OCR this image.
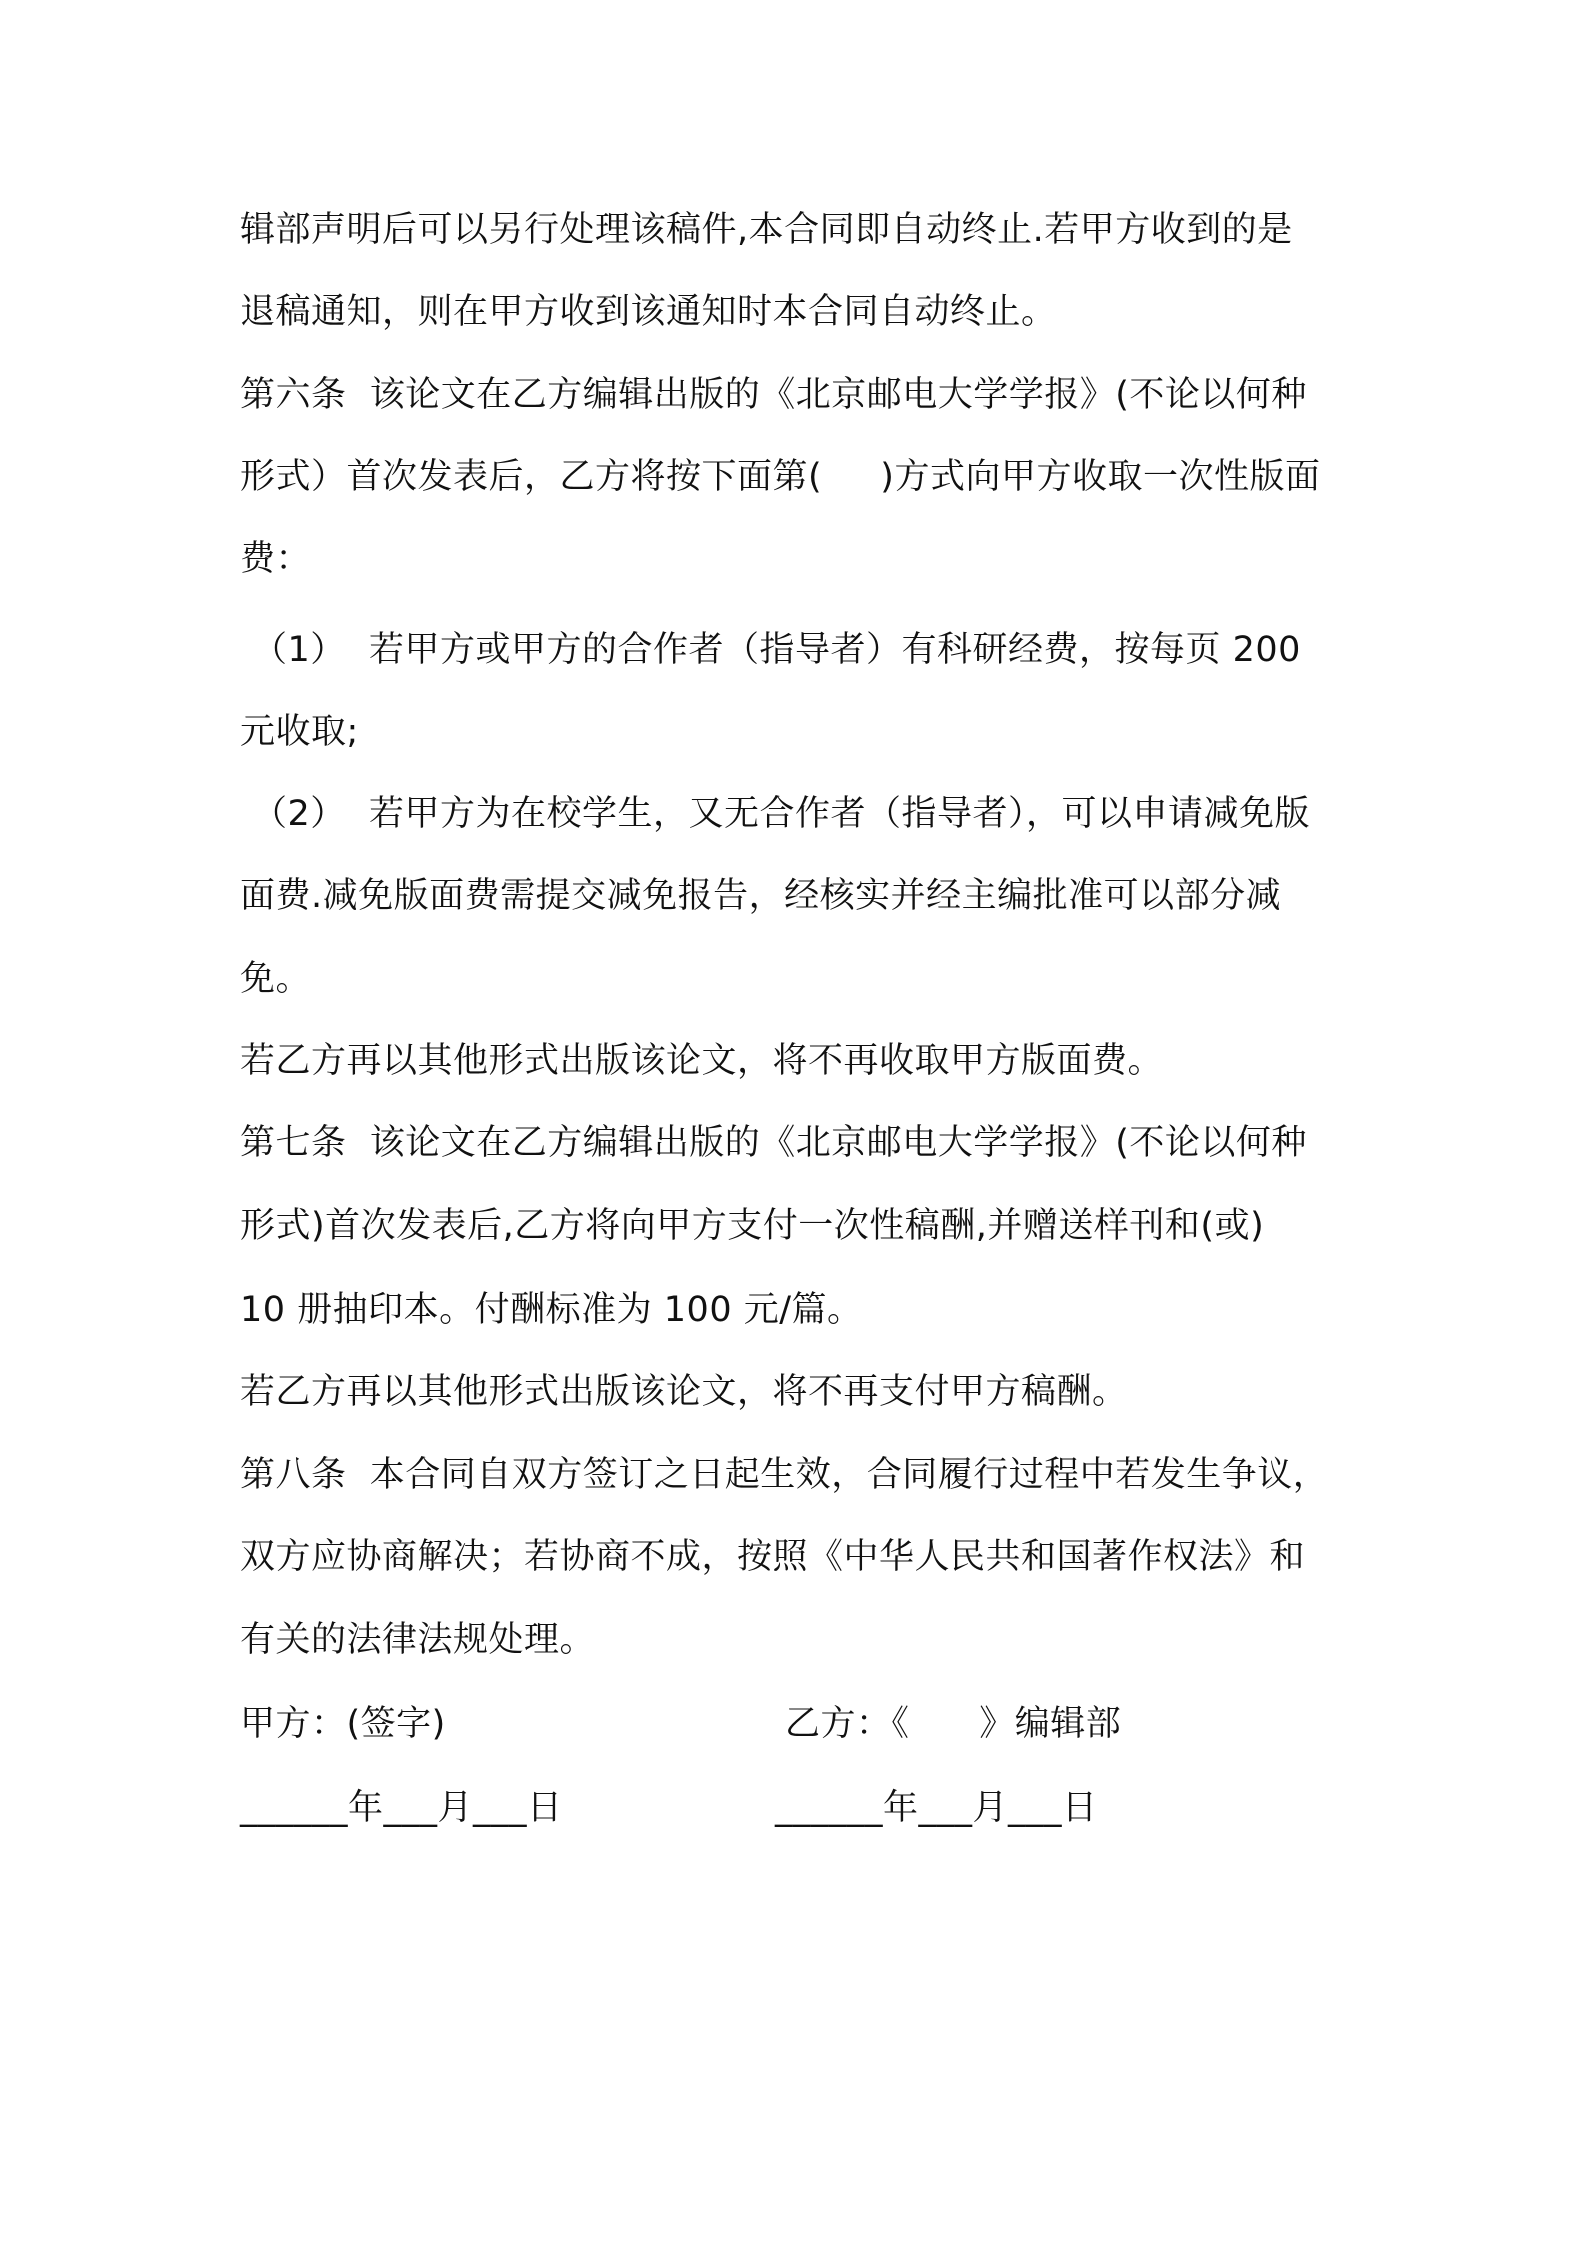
辑部声明后可以另行处理该稿件,本合同即自动终止.若甲方收到的是
退稿通知，则在甲方收到该通知时本合同自动终止。
第六条  该论文在乙方编辑出版的《北京邮电大学学报》(不论以何种
形式）首次发表后，乙方将按下面第(     )方式向甲方收取一次性版面
费：
（1）  若甲方或甲方的合作者（指导者）有科研经费，按每页 200
元收取;
（2）  若甲方为在校学生，又无合作者（指导者），可以申请减免版
面费.减免版面费需提交减免报告，经核实并经主编批准可以部分减
免。
若乙方再以其他形式出版该论文，将不再收取甲方版面费。
第七条  该论文在乙方编辑出版的《北京邮电大学学报》(不论以何种
形式)首次发表后,乙方将向甲方支付一次性稿酬,并赠送样刊和(或)
10 册抽印本。付酬标准为 100 元/篇。
若乙方再以其他形式出版该论文，将不再支付甲方稿酬。
第八条  本合同自双方签订之日起生效，合同履行过程中若发生争议，
双方应协商解决；若协商不成，按照《中华人民共和国著作权法》和
有关的法律法规处理。
甲方：(签字)	乙方：《      》编辑部
______年___月___日	______年___月___日
